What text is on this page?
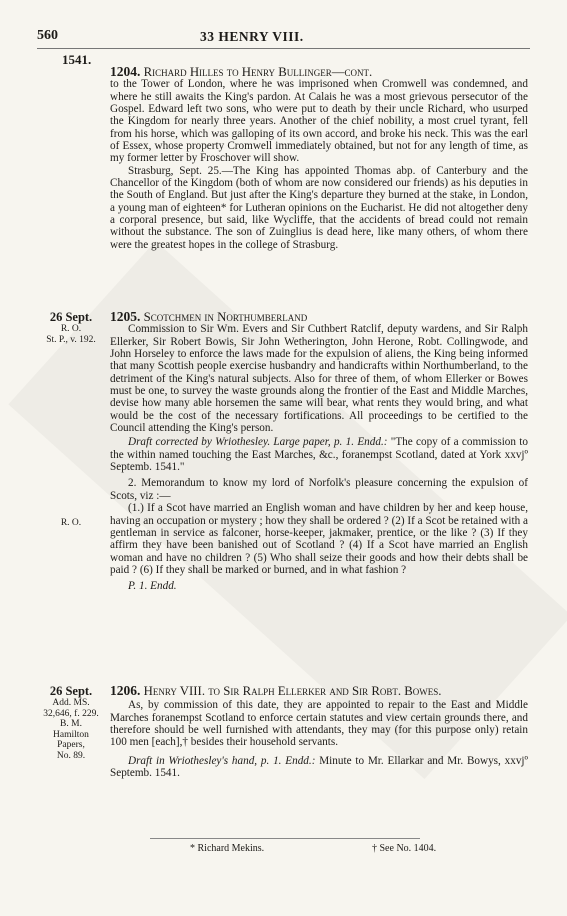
560	33 HENRY VIII.
1541.

1204. Richard Hilles to Henry Bullinger—cont.

to the Tower of London, where he was imprisoned when Cromwell was condemned, and where he still awaits the King's pardon. At Calais he was a most grievous persecutor of the Gospel. Edward left two sons, who were put to death by their uncle Richard, who usurped the Kingdom for nearly three years. Another of the chief nobility, a most cruel tyrant, fell from his horse, which was galloping of its own accord, and broke his neck. This was the earl of Essex, whose property Cromwell immediately obtained, but not for any length of time, as my former letter by Froschover will show.

Strasburg, Sept. 25.—The King has appointed Thomas abp. of Canterbury and the Chancellor of the Kingdom (both of whom are now considered our friends) as his deputies in the South of England. But just after the King's departure they burned at the stake, in London, a young man of eighteen* for Lutheran opinions on the Eucharist. He did not altogether deny a corporal presence, but said, like Wycliffe, that the accidents of bread could not remain without the substance. The son of Zuinglius is dead here, like many others, of whom there were the greatest hopes in the college of Strasburg.

26 Sept.
R. O.
St. P., v. 192.
R. O.

1205. Scotchmen in Northumberland

Commission to Sir Wm. Evers and Sir Cuthbert Ratclif, deputy wardens, and Sir Ralph Ellerker, Sir Robert Bowis, Sir John Wetherington, John Herone, Robt. Collingwode, and John Horseley to enforce the laws made for the expulsion of aliens, the King being informed that many Scottish people exercise husbandry and handicrafts within Northumberland, to the detriment of the King's natural subjects. Also for three of them, of whom Ellerker or Bowes must be one, to survey the waste grounds along the frontier of the East and Middle Marches, devise how many able horsemen the same will bear, what rents they would bring, and what would be the cost of the necessary fortifications. All proceedings to be certified to the Council attending the King's person.

Draft corrected by Wriothesley. Large paper, p. 1. Endd.: "The copy of a commission to the within named touching the East Marches, &c., foranempst Scotland, dated at York xxvjº Septemb. 1541."

2. Memorandum to know my lord of Norfolk's pleasure concerning the expulsion of Scots, viz :—

(1.) If a Scot have married an English woman and have children by her and keep house, having an occupation or mystery ; how they shall be ordered ? (2) If a Scot be retained with a gentleman in service as falconer, horse-keeper, jakmaker, prentice, or the like ? (3) If they affirm they have been banished out of Scotland ? (4) If a Scot have married an English woman and have no children ? (5) Who shall seize their goods and how their debts shall be paid ? (6) If they shall be marked or burned, and in what fashion ?

P. 1. Endd.

26 Sept.
Add. MS.
32,646, f. 229.
B. M.
Hamilton
Papers,
No. 89.

1206. Henry VIII. to Sir Ralph Ellerker and Sir Robt. Bowes.

As, by commission of this date, they are appointed to repair to the East and Middle Marches foranempst Scotland to enforce certain statutes and view certain grounds there, and therefore should be well furnished with attendants, they may (for this purpose only) retain 100 men [each],† besides their household servants.

Draft in Wriothesley's hand, p. 1. Endd.: Minute to Mr. Ellarkar and Mr. Bowys, xxvjº Septemb. 1541.

* Richard Mekins.	† See No. 1404.
